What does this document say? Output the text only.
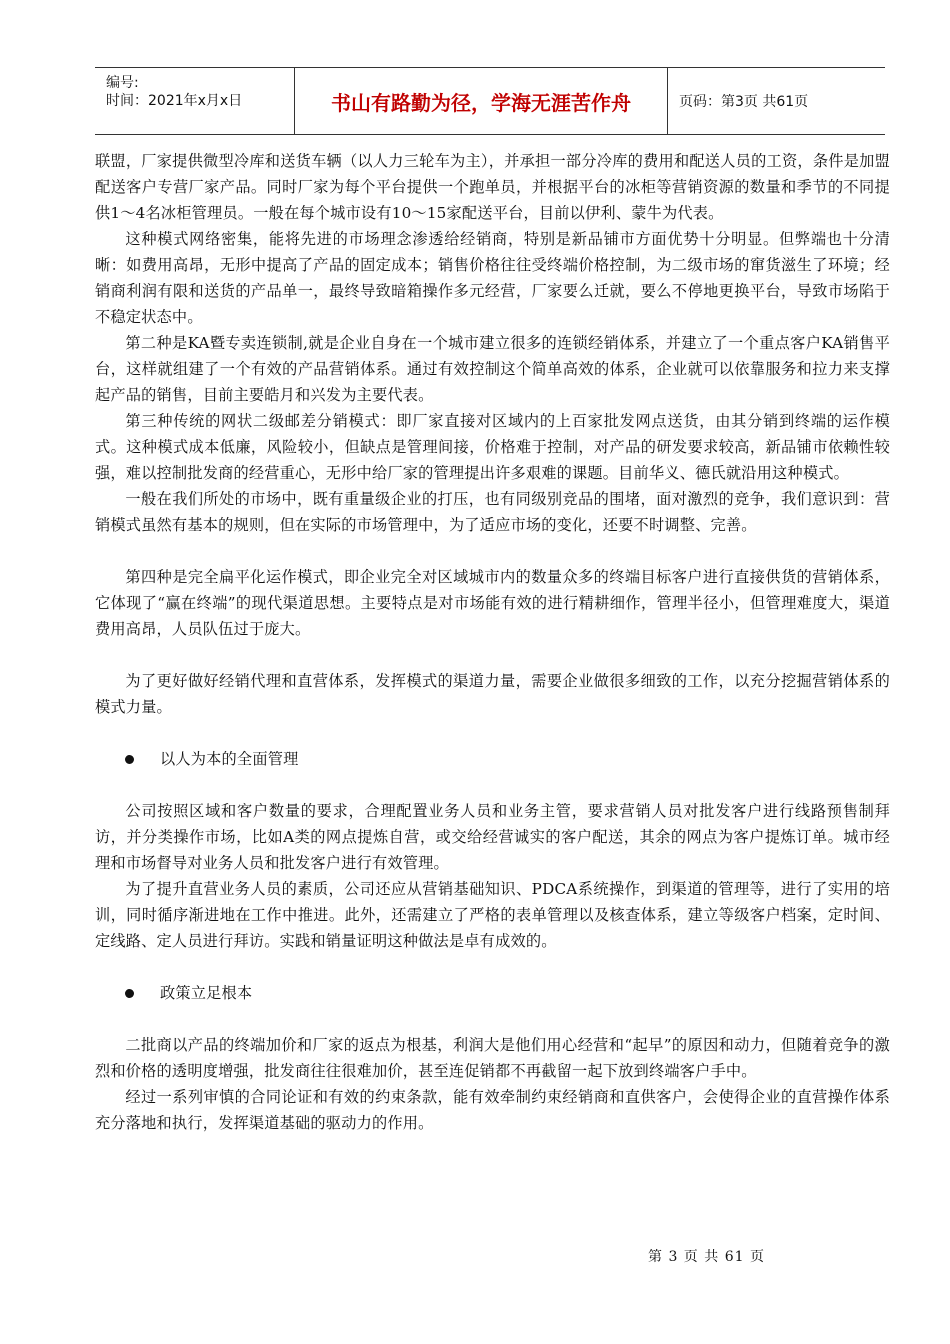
编号:
时间：2021年x月x日	书山有路勤为径，学海无涯苦作舟	页码：第3页 共61页

联盟，厂家提供微型冷库和送货车辆（以人力三轮车为主），并承担一部分冷库的费用和配送人员的工资，条件是加盟配送客户专营厂家产品。同时厂家为每个平台提供一个跑单员，并根据平台的冰柜等营销资源的数量和季节的不同提供1～4名冰柜管理员。一般在每个城市设有10～15家配送平台，目前以伊利、蒙牛为代表。

这种模式网络密集，能将先进的市场理念渗透给经销商，特别是新品铺市方面优势十分明显。但弊端也十分清晰：如费用高昂，无形中提高了产品的固定成本；销售价格往往受终端价格控制，为二级市场的窜货滋生了环境；经销商利润有限和送货的产品单一，最终导致暗箱操作多元经营，厂家要么迁就，要么不停地更换平台，导致市场陷于不稳定状态中。

第二种是KA暨专卖连锁制,就是企业自身在一个城市建立很多的连锁经销体系，并建立了一个重点客户KA销售平台，这样就组建了一个有效的产品营销体系。通过有效控制这个简单高效的体系，企业就可以依靠服务和拉力来支撑起产品的销售，目前主要皓月和兴发为主要代表。

第三种传统的网状二级邮差分销模式：即厂家直接对区域内的上百家批发网点送货，由其分销到终端的运作模式。这种模式成本低廉，风险较小，但缺点是管理间接，价格难于控制，对产品的研发要求较高，新品铺市依赖性较强，难以控制批发商的经营重心，无形中给厂家的管理提出许多艰难的课题。目前华义、德氏就沿用这种模式。

一般在我们所处的市场中，既有重量级企业的打压，也有同级别竞品的围堵，面对激烈的竞争，我们意识到：营销模式虽然有基本的规则，但在实际的市场管理中，为了适应市场的变化，还要不时调整、完善。

第四种是完全扁平化运作模式，即企业完全对区域城市内的数量众多的终端目标客户进行直接供货的营销体系，它体现了“赢在终端”的现代渠道思想。主要特点是对市场能有效的进行精耕细作，管理半径小，但管理难度大，渠道费用高昂，人员队伍过于庞大。

为了更好做好经销代理和直营体系，发挥模式的渠道力量，需要企业做很多细致的工作，以充分挖掘营销体系的模式力量。

以人为本的全面管理

公司按照区域和客户数量的要求，合理配置业务人员和业务主管，要求营销人员对批发客户进行线路预售制拜访，并分类操作市场，比如A类的网点提炼自营，或交给经营诚实的客户配送，其余的网点为客户提炼订单。城市经理和市场督导对业务人员和批发客户进行有效管理。

为了提升直营业务人员的素质，公司还应从营销基础知识、PDCA系统操作，到渠道的管理等，进行了实用的培训，同时循序渐进地在工作中推进。此外，还需建立了严格的表单管理以及核查体系，建立等级客户档案，定时间、定线路、定人员进行拜访。实践和销量证明这种做法是卓有成效的。

政策立足根本

二批商以产品的终端加价和厂家的返点为根基，利润大是他们用心经营和“起早”的原因和动力，但随着竞争的激烈和价格的透明度增强，批发商往往很难加价，甚至连促销都不再截留一起下放到终端客户手中。

经过一系列审慎的合同论证和有效的约束条款，能有效牵制约束经销商和直供客户，会使得企业的直营操作体系充分落地和执行，发挥渠道基础的驱动力的作用。

第 3 页 共 61 页
